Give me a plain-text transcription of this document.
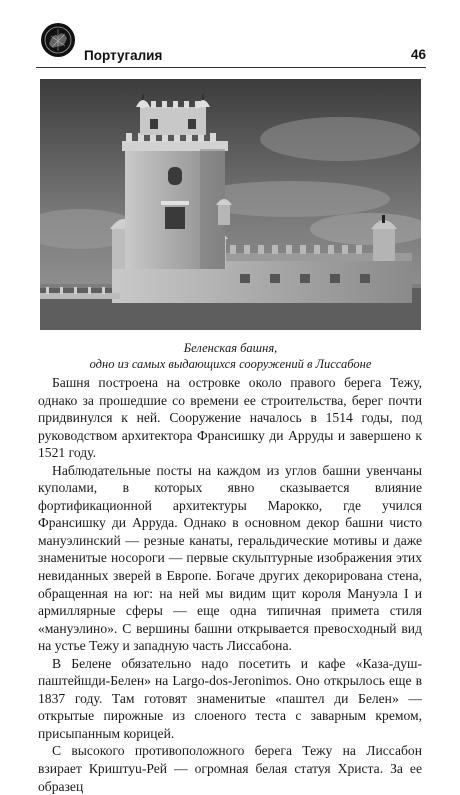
Португалия	46
Беленская башня,
одно из самых выдающихся сооружений в Лиссабоне

Башня построена на островке около правого берега Тежу, однако за прошедшие со времени ее строительства, берег почти придвинулся к ней. Сооружение началось в 1514 годы, под руководством архитектора Франсишку ди Арруды и завершено к 1521 году.

Наблюдательные посты на каждом из углов башни увенчаны куполами, в которых явно сказывается влияние фортификационной архитектуры Марокко, где учился Франсишку ди Арруда. Однако в основном декор башни чисто мануэлинский — резные канаты, геральдические мотивы и даже знаменитые носороги — первые скульптурные изображения этих невиданных зверей в Европе. Богаче других декорирована стена, обращенная на юг: на ней мы видим щит короля Мануэла I и армиллярные сферы — еще одна типичная примета стиля «мануэлино». С вершины башни открывается превосходный вид на устье Тежу и западную часть Лиссабона.

В Белене обязательно надо посетить и кафе «Каза-душ-паштейшди-Белен» на Largo-dos-Jeronimos. Оно открылось еще в 1837 году. Там готовят знаменитые «паштел ди Белен» — открытые пирожные из слоеного теста с заварным кремом, присыпанным корицей.

С высокого противоположного берега Тежу на Лиссабон взирает Криштуu-Рей — огромная белая статуя Христа. За ее образец
